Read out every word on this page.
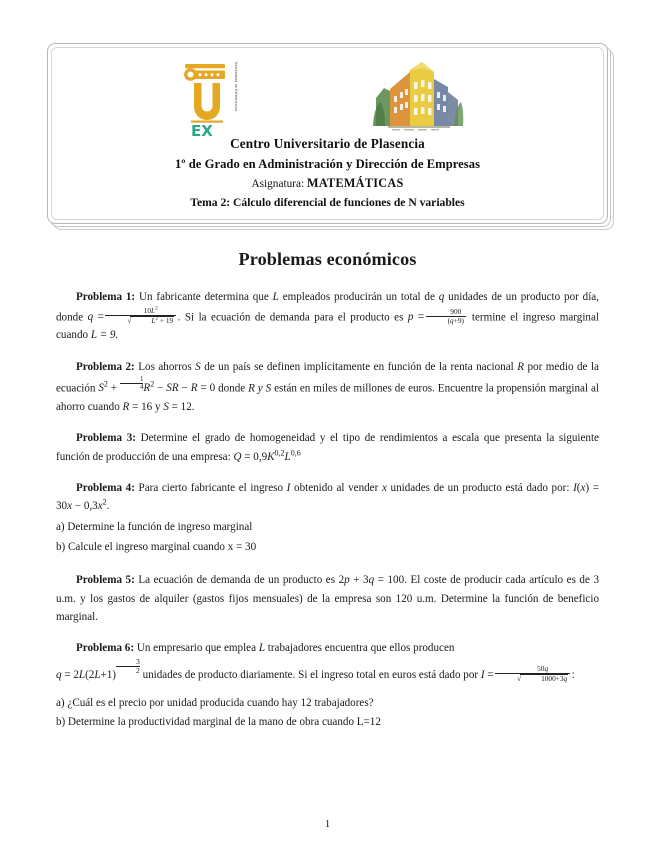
EX
Universidad de Extremadura
Centro Universitario de Plasencia
1º de Grado en Administración y Dirección de Empresas
Asignatura: MATEMÁTICAS
Tema 2: Cálculo diferencial de funciones de N variables
Problemas económicos

Problema 1: Un fabricante determina que L empleados producirán un total de q unidades de un producto por día, donde $q = 10L^2$
√	$L^2 + 19$ . Si la ecuación de demanda para el producto es $p = \frac{900}{(q+9)}$ termine el ingreso marginal cuando L = 9.

Problema 2: Los ahorros S de un país se definen implícitamente en función de la renta nacional R por medio de la ecuación $S^2 + \frac{1}{4} R^2$ − SR − R = 0 donde R y S están en miles de millones de euros. Encuentre la propensión marginal al ahorro cuando R = 16 y S = 12.

Problema 3: Determine el grado de homogeneidad y el tipo de rendimientos a escala que presenta la siguiente función de producción de una empresa: $Q = 0,9K^{0,2}L^{0,6}$

Problema 4: Para cierto fabricante el ingreso I obtenido al vender x unidades de un producto está dado por: $I(x) = 30x - 0,3x^2$.

a) Determine la función de ingreso marginal

b) Calcule el ingreso marginal cuando x = 30

Problema 5: La ecuación de demanda de un producto es 2p + 3q = 100. El coste de producir cada artículo es de 3 u.m. y los gastos de alquiler (gastos fijos mensuales) de la empresa son 120 u.m. Determine la función de beneficio marginal.

Problema 6: Un empresario que emplea L trabajadores encuentra que ellos producen
q = 2L(2L+1)
$^{\frac{3}{2}}$
unidades de producto diariamente. Si el ingreso total en euros está dado por I = 50q
√	1000+3q :

a) ¿Cuál es el precio por unidad producida cuando hay 12 trabajadores?

b) Determine la productividad marginal de la mano de obra cuando L=12

1
